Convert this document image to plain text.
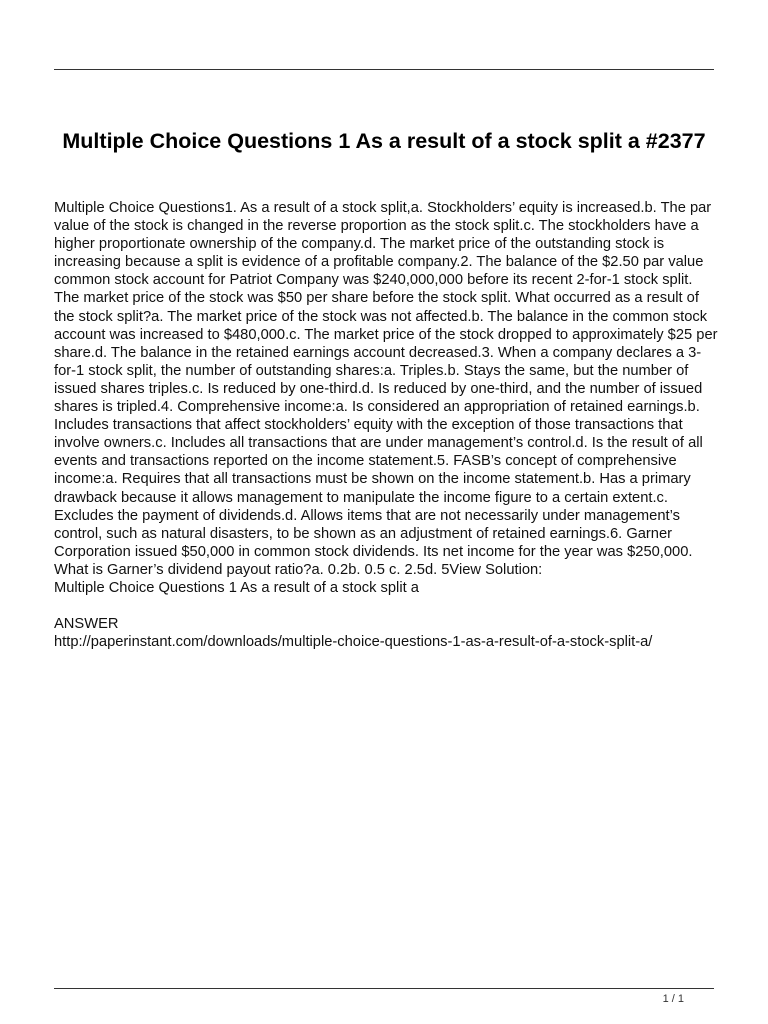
Multiple Choice Questions 1 As a result of a stock split a #2377

Multiple Choice Questions1. As a result of a stock split,a. Stockholders’ equity is increased.b. The par value of the stock is changed in the reverse proportion as the stock split.c. The stockholders have a higher proportionate ownership of the company.d. The market price of the outstanding stock is increasing because a split is evidence of a profitable company.2. The balance of the $2.50 par value common stock account for Patriot Company was $240,000,000 before its recent 2-for-1 stock split. The market price of the stock was $50 per share before the stock split. What occurred as a result of the stock split?a. The market price of the stock was not affected.b. The balance in the common stock account was increased to $480,000.c. The market price of the stock dropped to approximately $25 per share.d. The balance in the retained earnings account decreased.3. When a company declares a 3-for-1 stock split, the number of outstanding shares:a. Triples.b. Stays the same, but the number of issued shares triples.c. Is reduced by one-third.d. Is reduced by one-third, and the number of issued shares is tripled.4. Comprehensive income:a. Is considered an appropriation of retained earnings.b. Includes transactions that affect stockholders’ equity with the exception of those transactions that involve owners.c. Includes all transactions that are under management’s control.d. Is the result of all events and transactions reported on the income statement.5. FASB’s concept of comprehensive income:a. Requires that all transactions must be shown on the income statement.b. Has a primary drawback because it allows management to manipulate the income figure to a certain extent.c. Excludes the payment of dividends.d. Allows items that are not necessarily under management’s control, such as natural disasters, to be shown as an adjustment of retained earnings.6. Garner Corporation issued $50,000 in common stock dividends. Its net income for the year was $250,000. What is Garner’s dividend payout ratio?a. 0.2b. 0.5 c. 2.5d. 5View Solution:

Multiple Choice Questions 1 As a result of a stock split a

ANSWER

http://paperinstant.com/downloads/multiple-choice-questions-1-as-a-result-of-a-stock-split-a/

1 / 1
